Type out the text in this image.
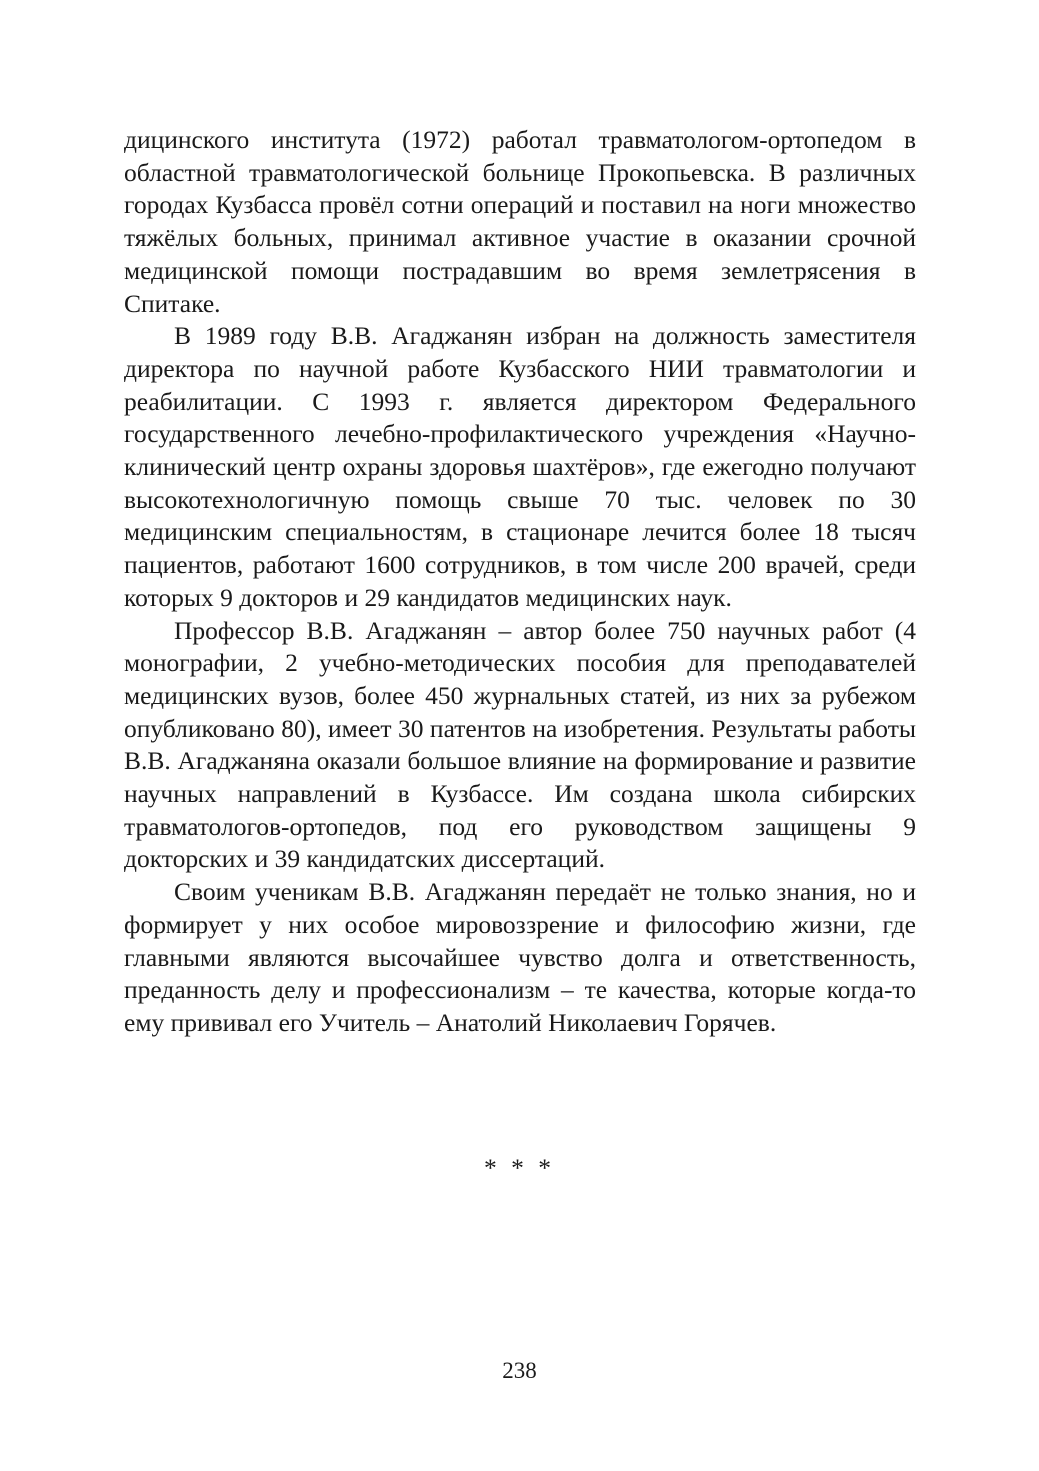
дицинского института (1972) работал травматологом-ортопедом в областной травматологической больнице Прокопьевска. В различных городах Кузбасса провёл сотни операций и поставил на ноги множество тяжёлых больных, принимал активное участие в оказании срочной медицинской помощи пострадавшим во время землетрясения в Спитаке.

В 1989 году В.В. Агаджанян избран на должность заместителя директора по научной работе Кузбасского НИИ травматологии и реабилитации. С 1993 г. является директором Федерального государственного лечебно-профилактического учреждения «Научно-клинический центр охраны здоровья шахтёров», где ежегодно получают высокотехнологичную помощь свыше 70 тыс. человек по 30 медицинским специальностям, в стационаре лечится более 18 тысяч пациентов, работают 1600 сотрудников, в том числе 200 врачей, среди которых 9 докторов и 29 кандидатов медицинских наук.

Профессор В.В. Агаджанян – автор более 750 научных работ (4 монографии, 2 учебно-методических пособия для преподавателей медицинских вузов, более 450 журнальных статей, из них за рубежом опубликовано 80), имеет 30 патентов на изобретения. Результаты работы В.В. Агаджаняна оказали большое влияние на формирование и развитие научных направлений в Кузбассе. Им создана школа сибирских травматологов-ортопедов, под его руководством защищены 9 докторских и 39 кандидатских диссертаций.

Своим ученикам В.В. Агаджанян передаёт не только знания, но и формирует у них особое мировоззрение и философию жизни, где главными являются высочайшее чувство долга и ответственность, преданность делу и профессионализм – те качества, которые когда-то ему прививал его Учитель – Анатолий Николаевич Горячев.

* * *
238
